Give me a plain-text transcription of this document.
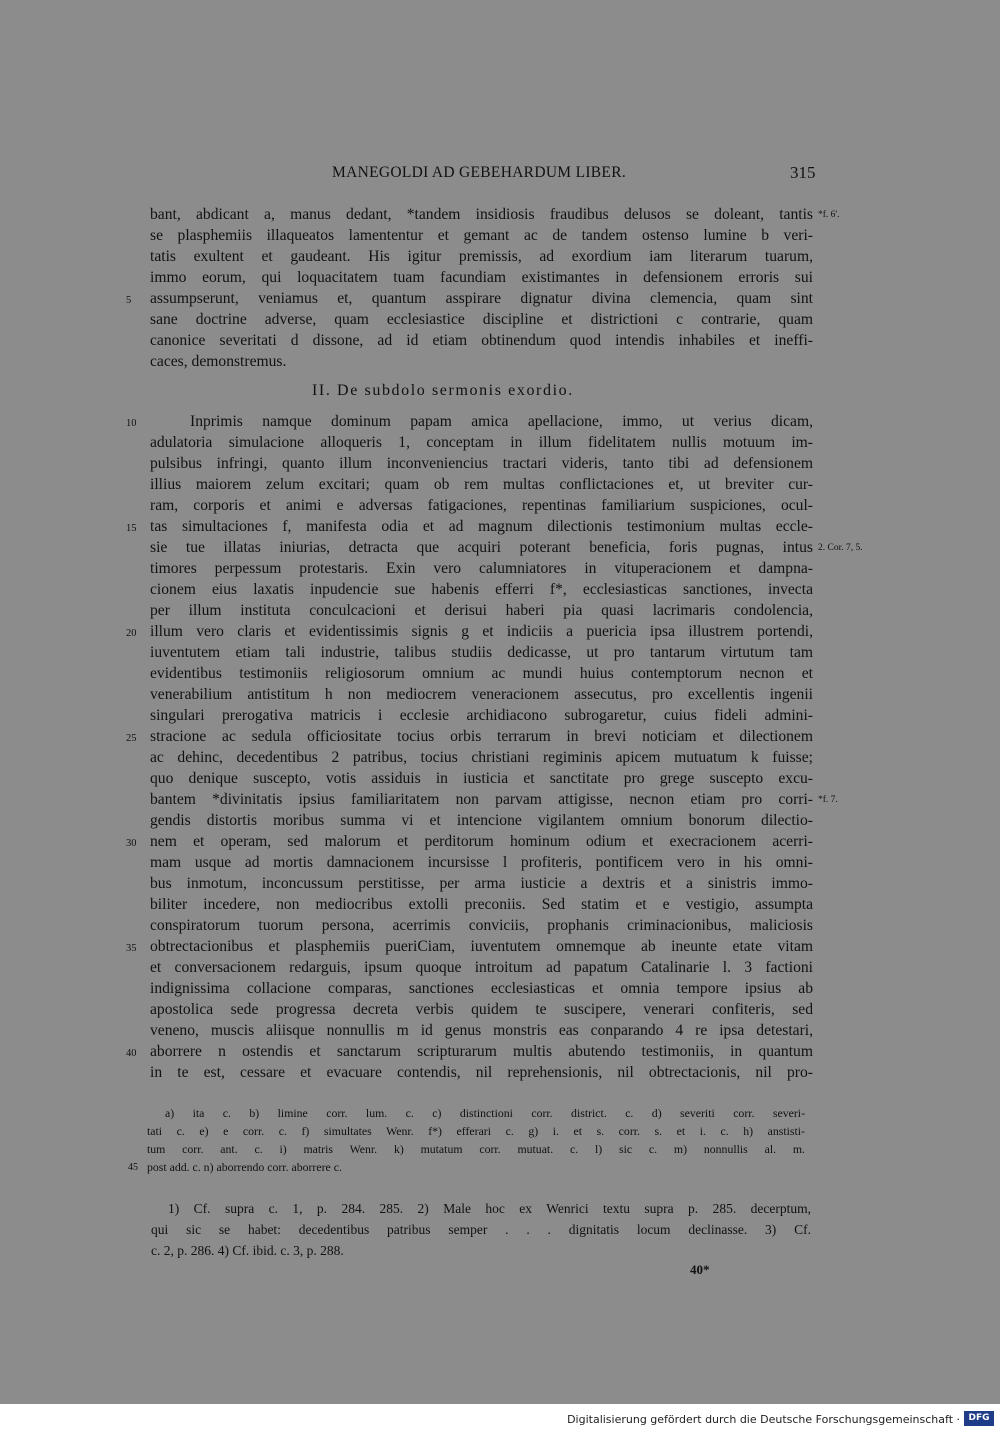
MANEGOLDI AD GEBEHARDUM LIBER.	315
bant, abdicant a, manus dedant, *tandem insidiosis fraudibus delusos se doleant, tantis
se plasphemiis illaqueatos lamententur et gemant ac de tandem ostenso lumine b veri-
tatis exultent et gaudeant. His igitur premissis, ad exordium iam literarum tuarum,
immo eorum, qui loquacitatem tuam facundiam existimantes in defensionem erroris sui
assumpserunt, veniamus et, quantum asspirare dignatur divina clemencia, quam sint
sane doctrine adverse, quam ecclesiastice discipline et districtioni c contrarie, quam
canonice severitati d dissone, ad id etiam obtinendum quod intendis inhabiles et ineffi-
caces, demonstremus.
II. De subdolo sermonis exordio.
Inprimis namque dominum papam amica apellacione, immo, ut verius dicam,
adulatoria simulacione alloqueris 1, conceptam in illum fidelitatem nullis motuum im-
pulsibus infringi, quanto illum inconveniencius tractari videris, tanto tibi ad defensionem
illius maiorem zelum excitari; quam ob rem multas conflictaciones et, ut breviter cur-
ram, corporis et animi e adversas fatigaciones, repentinas familiarium suspiciones, ocul-
tas simultaciones f, manifesta odia et ad magnum dilectionis testimonium multas eccle-
sie tue illatas iniurias, detracta que acquiri poterant beneficia, foris pugnas, intus
timores perpessum protestaris. Exin vero calumniatores in vituperacionem et dampna-
cionem eius laxatis inpudencie sue habenis efferri f*, ecclesiasticas sanctiones, invecta
per illum instituta conculcacioni et derisui haberi pia quasi lacrimaris condolencia,
illum vero claris et evidentissimis signis g et indiciis a puericia ipsa illustrem portendi,
iuventutem etiam tali industrie, talibus studiis dedicasse, ut pro tantarum virtutum tam
evidentibus testimoniis religiosorum omnium ac mundi huius contemptorum necnon et
venerabilium antistitum h non mediocrem veneracionem assecutus, pro excellentis ingenii
singulari prerogativa matricis i ecclesie archidiacono subrogaretur, cuius fideli admini-
stracione ac sedula officiositate tocius orbis terrarum in brevi noticiam et dilectionem
ac dehinc, decedentibus 2 patribus, tocius christiani regiminis apicem mutuatum k fuisse;
quo denique suscepto, votis assiduis in iusticia et sanctitate pro grege suscepto excu-
bantem *divinitatis ipsius familiaritatem non parvam attigisse, necnon etiam pro corri-
gendis distortis moribus summa vi et intencione vigilantem omnium bonorum dilectio-
nem et operam, sed malorum et perditorum hominum odium et execracionem acerri-
mam usque ad mortis damnacionem incursisse l profiteris, pontificem vero in his omni-
bus inmotum, inconcussum perstitisse, per arma iusticie a dextris et a sinistris immo-
biliter incedere, non mediocribus extolli preconiis. Sed statim et e vestigio, assumpta
conspiratorum tuorum persona, acerrimis conviciis, prophanis criminacionibus, maliciosis
obtrectacionibus et plasphemiis pueriCiam, iuventutem omnemque ab ineunte etate vitam
et conversacionem redarguis, ipsum quoque introitum ad papatum Catalinarie l. 3 factioni
indignissima collacione comparas, sanctiones ecclesiasticas et omnia tempore ipsius ab
apostolica sede progressa decreta verbis quidem te suscipere, venerari confiteris, sed
veneno, muscis aliisque nonnullis m id genus monstris eas conparando 4 re ipsa detestari,
aborrere n ostendis et sanctarum scripturarum multis abutendo testimoniis, in quantum
in te est, cessare et evacuare contendis, nil reprehensionis, nil obtrectacionis, nil pro-
5
10
15
20
25
30
35
40
*f. 6'.
2. Cor. 7, 5.
*f. 7.
a) ita c. b) limine corr. lum. c. c) distinctioni corr. district. c. d) severiti corr. severi-
tati c. e) e corr. c. f) simultates Wenr. f*) efferari c. g) i. et s. corr. s. et i. c. h) anstisti-
tum corr. ant. c. i) matris Wenr. k) mutatum corr. mutuat. c. l) sic c. m) nonnullis al. m.
post add. c. n) aborrendo corr. aborrere c.
45
1) Cf. supra c. 1, p. 284. 285. 2) Male hoc ex Wenrici textu supra p. 285. decerptum,
qui sic se habet: decedentibus patribus semper . . . dignitatis locum declinasse. 3) Cf.
c. 2, p. 286. 4) Cf. ibid. c. 3, p. 288.
40*
Digitalisierung gefördert durch die Deutsche Forschungsgemeinschaft · DFG
